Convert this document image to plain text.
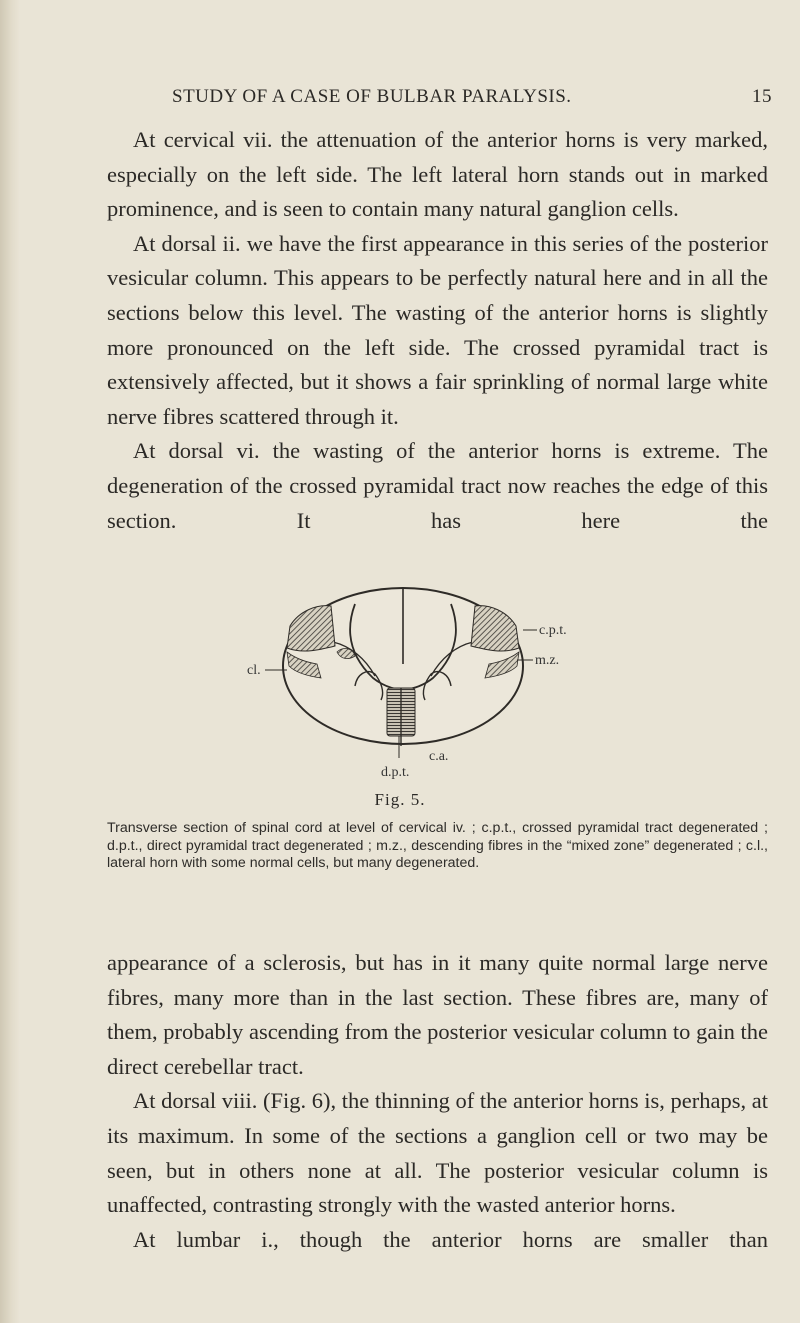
STUDY OF A CASE OF BULBAR PARALYSIS.	15

At cervical vii. the attenuation of the anterior horns is very marked, especially on the left side. The left lateral horn stands out in marked prominence, and is seen to contain many natural ganglion cells.

At dorsal ii. we have the first appearance in this series of the posterior vesicular column. This appears to be perfectly natural here and in all the sections below this level. The wasting of the anterior horns is slightly more pronounced on the left side. The crossed pyramidal tract is extensively affected, but it shows a fair sprinkling of normal large white nerve fibres scattered through it.

At dorsal vi. the wasting of the anterior horns is extreme. The degeneration of the crossed pyramidal tract now reaches the edge of this section. It has here the

cl.
c.p.t.
m.z.
d.p.t.
c.a.
Fig. 5.
Transverse section of spinal cord at level of cervical iv. ; c.p.t., crossed pyramidal tract degenerated ; d.p.t., direct pyramidal tract degenerated ; m.z., descending fibres in the “mixed zone” degenerated ; c.l., lateral horn with some normal cells, but many degenerated.

appearance of a sclerosis, but has in it many quite normal large nerve fibres, many more than in the last section. These fibres are, many of them, probably ascending from the posterior vesicular column to gain the direct cerebellar tract.

At dorsal viii. (Fig. 6), the thinning of the anterior horns is, perhaps, at its maximum. In some of the sections a ganglion cell or two may be seen, but in others none at all. The posterior vesicular column is unaffected, contrasting strongly with the wasted anterior horns.

At lumbar i., though the anterior horns are smaller than
